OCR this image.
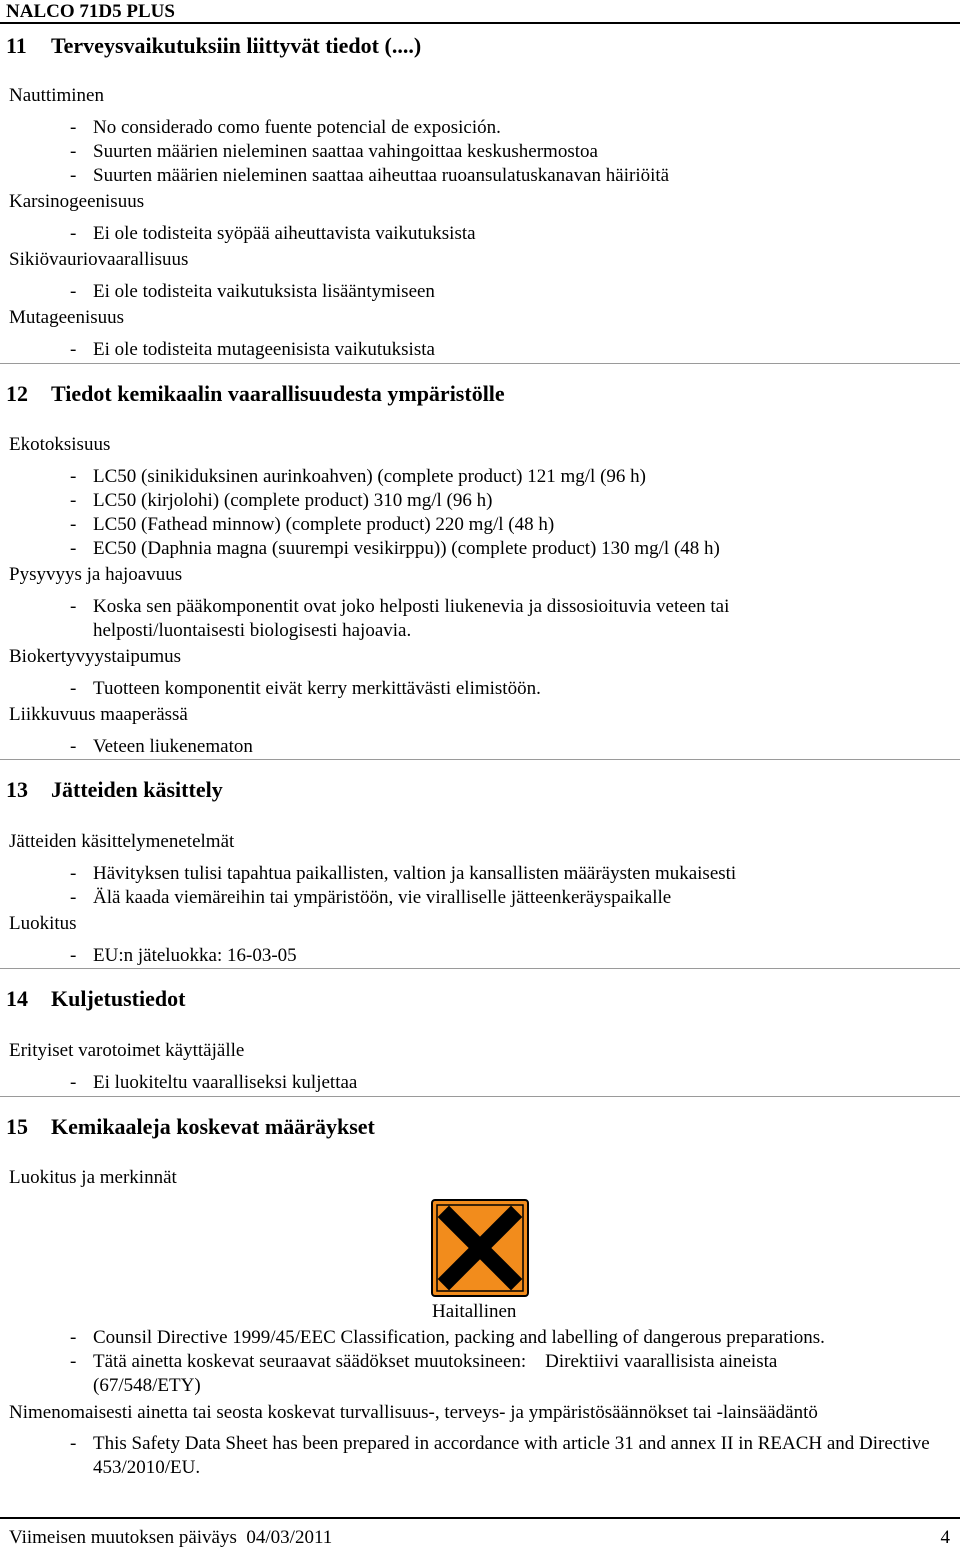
NALCO 71D5 PLUS
11 Terveysvaikutuksiin liittyvät tiedot (....)
Nauttiminen
- No considerado como fuente potencial de exposición.
- Suurten määrien nieleminen saattaa vahingoittaa keskushermostoa
- Suurten määrien nieleminen saattaa aiheuttaa ruoansulatuskanavan häiriöitä
Karsinogeenisuus
- Ei ole todisteita syöpää aiheuttavista vaikutuksista
Sikiövauriovaarallisuus
- Ei ole todisteita vaikutuksista lisääntymiseen
Mutageenisuus
- Ei ole todisteita mutageenisista vaikutuksista
12 Tiedot kemikaalin vaarallisuudesta ympäristölle
Ekotoksisuus
- LC50 (sinikiduksinen aurinkoahven) (complete product) 121 mg/l (96 h)
- LC50 (kirjolohi) (complete product) 310 mg/l (96 h)
- LC50 (Fathead minnow) (complete product) 220 mg/l (48 h)
- EC50 (Daphnia magna (suurempi vesikirppu)) (complete product) 130 mg/l (48 h)
Pysyvyys ja hajoavuus
- Koska sen pääkomponentit ovat joko helposti liukenevia ja dissosioituvia veteen tai helposti/luontaisesti biologisesti hajoavia.
Biokertyvyystaipumus
- Tuotteen komponentit eivät kerry merkittävästi elimistöön.
Liikkuvuus maaperässä
- Veteen liukenematon
13 Jätteiden käsittely
Jätteiden käsittelymenetelmät
- Hävityksen tulisi tapahtua paikallisten, valtion ja kansallisten määräysten mukaisesti
- Älä kaada viemäreihin tai ympäristöön, vie viralliselle jätteenkeräyspaikalle
Luokitus
- EU:n jäteluokka: 16-03-05
14 Kuljetustiedot
Erityiset varotoimet käyttäjälle
- Ei luokiteltu vaaralliseksi kuljettaa
15 Kemikaaleja koskevat määräykset
Luokitus ja merkinnät
Haitallinen
- Counsil Directive 1999/45/EEC Classification, packing and labelling of dangerous preparations.
- Tätä ainetta koskevat seuraavat säädökset muutoksineen: Direktiivi vaarallisista aineista (67/548/ETY)
Nimenomaisesti ainetta tai seosta koskevat turvallisuus-, terveys- ja ympäristösäännökset tai -lainsäädäntö
- This Safety Data Sheet has been prepared in accordance with article 31 and annex II in REACH and Directive 453/2010/EU.
Viimeisen muutoksen päiväys 04/03/2011	4
